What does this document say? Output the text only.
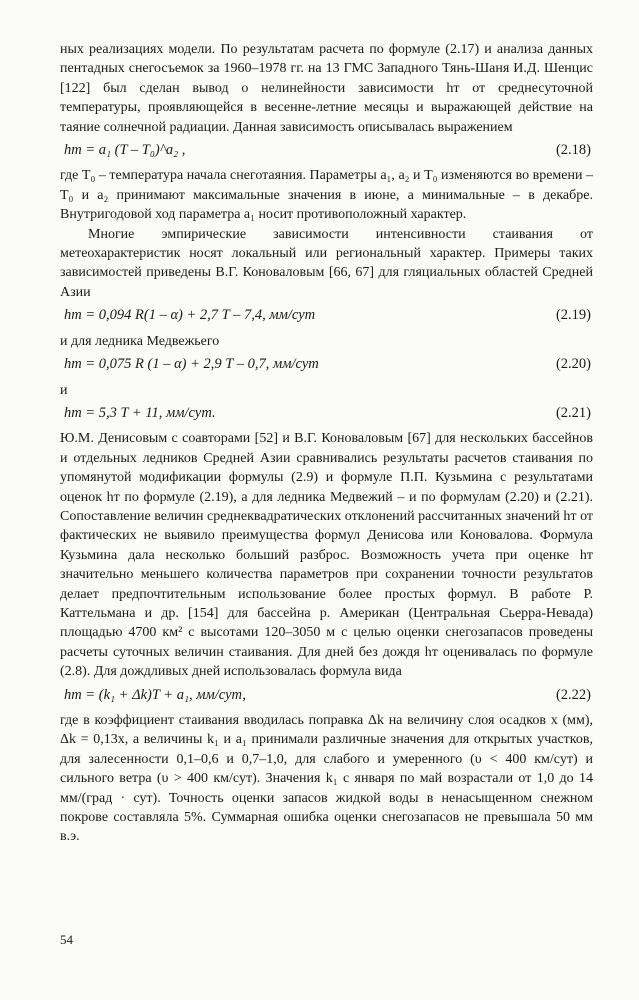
ных реализациях модели. По результатам расчета по формуле (2.17) и анализа данных пентадных снегосъемок за 1960–1978 гг. на 13 ГМС Западного Тянь-Шаня И.Д. Шенцис [122] был сделан вывод о нелинейности зависимости hт от среднесуточной температуры, проявляющейся в весенне-летние месяцы и выражающей действие на таяние солнечной радиации. Данная зависимость описывалась выражением

hт = a₁ (T – T₀)^a₂ ,	(2.18)

где T₀ – температура начала снеготаяния. Параметры a₁, a₂ и T₀ изменяются во времени – T₀ и a₂ принимают максимальные значения в июне, а минимальные – в декабре. Внутригодовой ход параметра a₁ носит противоположный характер.

Многие эмпирические зависимости интенсивности стаивания от метеохарактеристик носят локальный или региональный характер. Примеры таких зависимостей приведены В.Г. Коноваловым [66, 67] для гляциальных областей Средней Азии

hт = 0,094 R(1 – α) + 2,7 T – 7,4, мм/сут	(2.19)

и для ледника Медвежьего

hт = 0,075 R (1 – α) + 2,9 T – 0,7, мм/сут	(2.20)

и

hт = 5,3 T + 11, мм/сут.	(2.21)

Ю.М. Денисовым с соавторами [52] и В.Г. Коноваловым [67] для нескольких бассейнов и отдельных ледников Средней Азии сравнивались результаты расчетов стаивания по упомянутой модификации формулы (2.9) и формуле П.П. Кузьмина с результатами оценок hт по формуле (2.19), а для ледника Медвежий – и по формулам (2.20) и (2.21). Сопоставление величин среднеквадратических отклонений рассчитанных значений hт от фактических не выявило преимущества формул Денисова или Коновалова. Формула Кузьмина дала несколько больший разброс. Возможность учета при оценке hт значительно меньшего количества параметров при сохранении точности результатов делает предпочтительным использование более простых формул. В работе Р. Каттельмана и др. [154] для бассейна р. Американ (Центральная Сьерра-Невада) площадью 4700 км² с высотами 120–3050 м с целью оценки снегозапасов проведены расчеты суточных величин стаивания. Для дней без дождя hт оценивалась по формуле (2.8). Для дождливых дней использовалась формула вида

hт = (k₁ + Δk)T + a₁, мм/сут,	(2.22)

где в коэффициент стаивания вводилась поправка Δk на величину слоя осадков x (мм), Δk = 0,13x, а величины k₁ и a₁ принимали различные значения для открытых участков, для залесенности 0,1–0,6 и 0,7–1,0, для слабого и умеренного (υ < 400 км/сут) и сильного ветра (υ > 400 км/сут). Значения k₁ с января по май возрастали от 1,0 до 14 мм/(град · сут). Точность оценки запасов жидкой воды в ненасыщенном снежном покрове составляла 5%. Суммарная ошибка оценки снегозапасов не превышала 50 мм в.э.

54
